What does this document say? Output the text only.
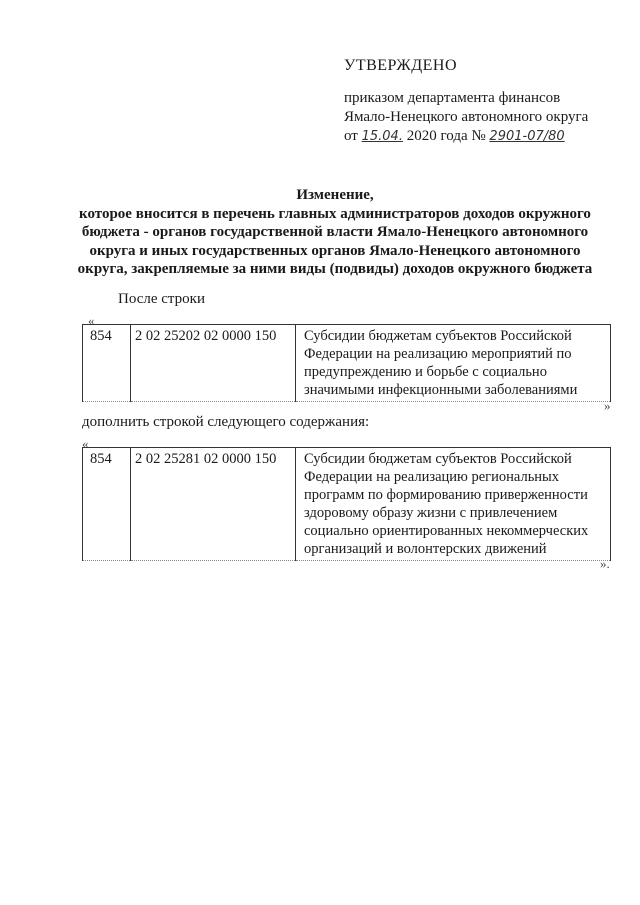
УТВЕРЖДЕНО
приказом департамента финансов
Ямало-Ненецкого автономного округа
от 15.04. 2020 года № 2901-07/80
Изменение,
которое вносится в перечень главных администраторов доходов окружного
бюджета - органов государственной власти Ямало-Ненецкого автономного
округа и иных государственных органов Ямало-Ненецкого автономного
округа, закрепляемые за ними виды (подвиды) доходов окружного бюджета
После строки
«
854	2 02 25202 02 0000 150	Субсидии бюджетам субъектов Российской Федерации на реализацию мероприятий по предупреждению и борьбе с социально значимыми инфекционными заболеваниями
»
дополнить строкой следующего содержания:
«
854	2 02 25281 02 0000 150	Субсидии бюджетам субъектов Российской Федерации на реализацию региональных программ по формированию приверженности здоровому образу жизни с привлечением социально ориентированных некоммерческих организаций и волонтерских движений
».
